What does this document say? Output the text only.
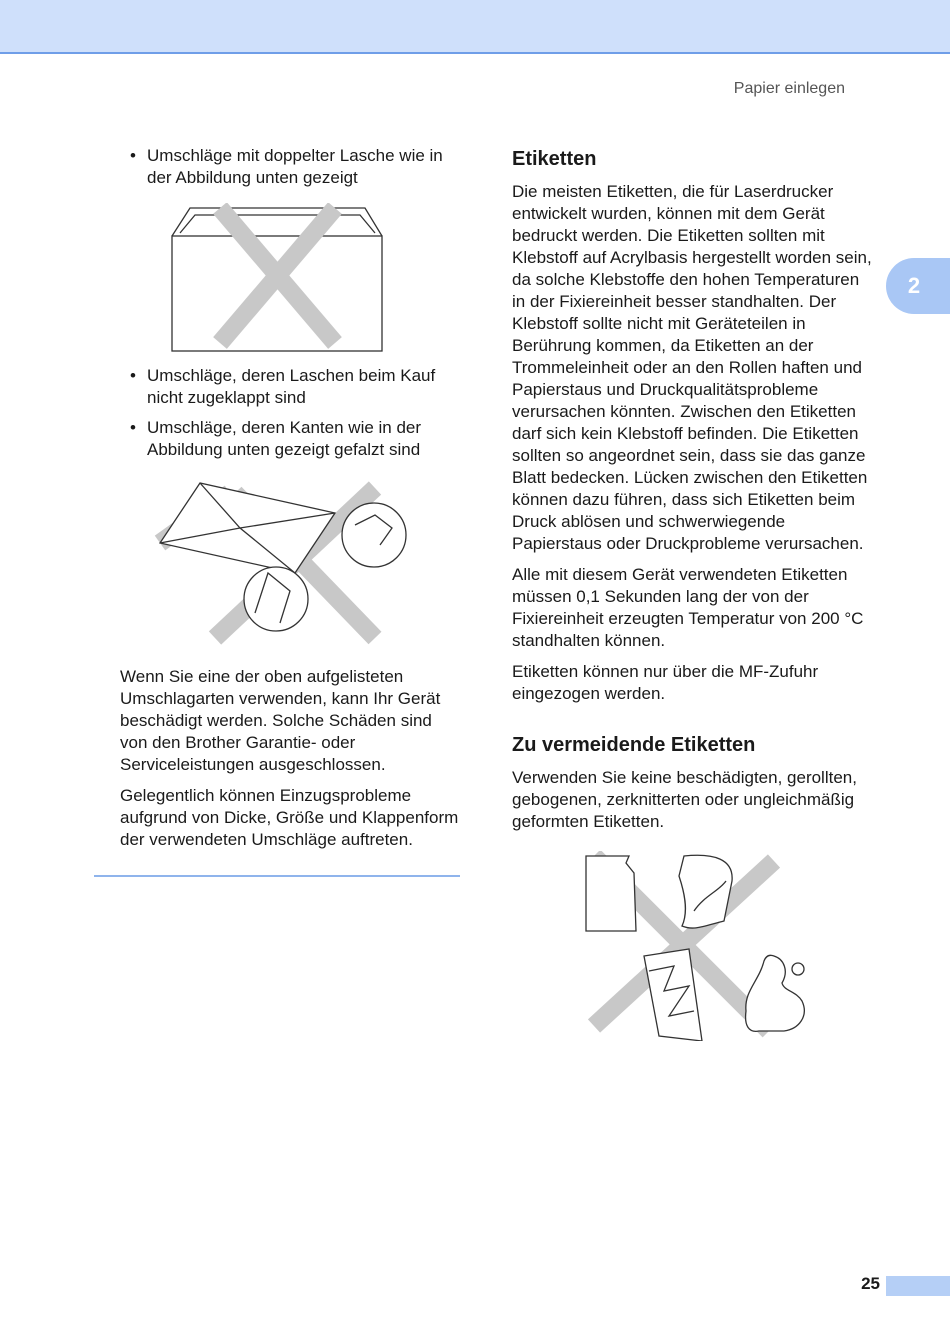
Papier einlegen
2
• Umschläge mit doppelter Lasche wie in der Abbildung unten gezeigt
• Umschläge, deren Laschen beim Kauf nicht zugeklappt sind
• Umschläge, deren Kanten wie in der Abbildung unten gezeigt gefalzt sind

Wenn Sie eine der oben aufgelisteten Umschlagarten verwenden, kann Ihr Gerät beschädigt werden. Solche Schäden sind von den Brother Garantie- oder Serviceleistungen ausgeschlossen.

Gelegentlich können Einzugsprobleme aufgrund von Dicke, Größe und Klappenform der verwendeten Umschläge auftreten.

Etiketten

Die meisten Etiketten, die für Laserdrucker entwickelt wurden, können mit dem Gerät bedruckt werden. Die Etiketten sollten mit Klebstoff auf Acrylbasis hergestellt worden sein, da solche Klebstoffe den hohen Temperaturen in der Fixiereinheit besser standhalten. Der Klebstoff sollte nicht mit Geräteteilen in Berührung kommen, da Etiketten an der Trommeleinheit oder an den Rollen haften und Papierstaus und Druckqualitätsprobleme verursachen könnten. Zwischen den Etiketten darf sich kein Klebstoff befinden. Die Etiketten sollten so angeordnet sein, dass sie das ganze Blatt bedecken. Lücken zwischen den Etiketten können dazu führen, dass sich Etiketten beim Druck ablösen und schwerwiegende Papierstaus oder Druckprobleme verursachen.

Alle mit diesem Gerät verwendeten Etiketten müssen 0,1 Sekunden lang der von der Fixiereinheit erzeugten Temperatur von 200 °C standhalten können.

Etiketten können nur über die MF-Zufuhr eingezogen werden.

Zu vermeidende Etiketten

Verwenden Sie keine beschädigten, gerollten, gebogenen, zerknitterten oder ungleichmäßig geformten Etiketten.

25
